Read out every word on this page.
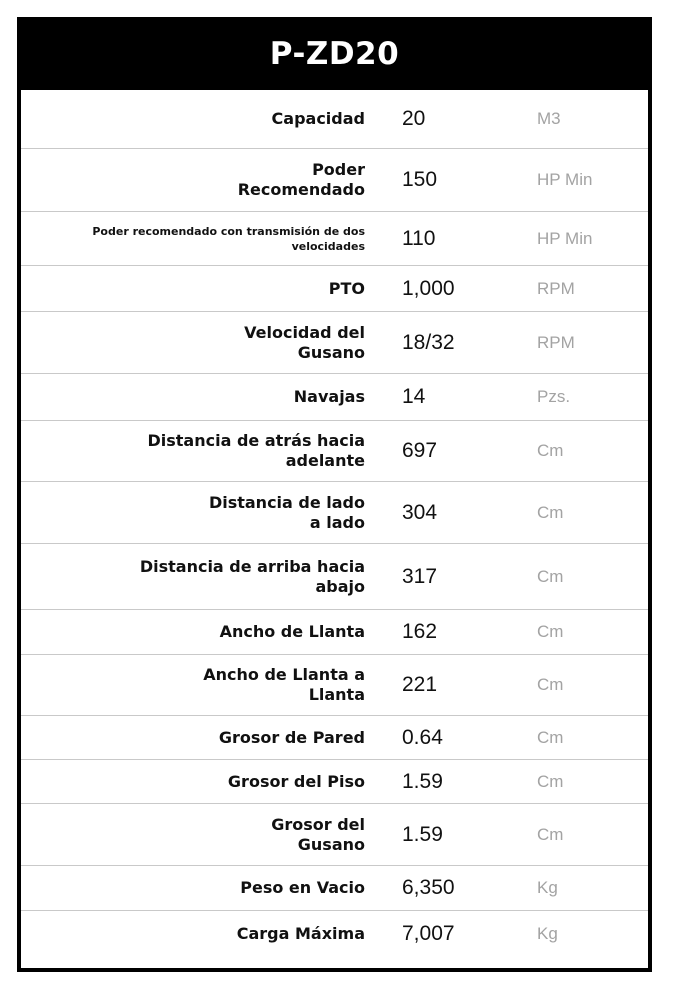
P-ZD20
Capacidad 20	M3
Poder Recomendado 150	HP Min
Poder recomendado con transmisión de dos velocidades 110	HP Min
PTO 1,000	RPM
Velocidad del Gusano 18/32	RPM
Navajas 14	Pzs.
Distancia de atrás hacia adelante 697	Cm
Distancia de lado a lado 304	Cm
Distancia de arriba hacia abajo 317	Cm
Ancho de Llanta 162	Cm
Ancho de Llanta a Llanta 221	Cm
Grosor de Pared 0.64	Cm
Grosor del Piso 1.59	Cm
Grosor del Gusano 1.59	Cm
Peso en Vacio 6,350	Kg
Carga Máxima 7,007	Kg
